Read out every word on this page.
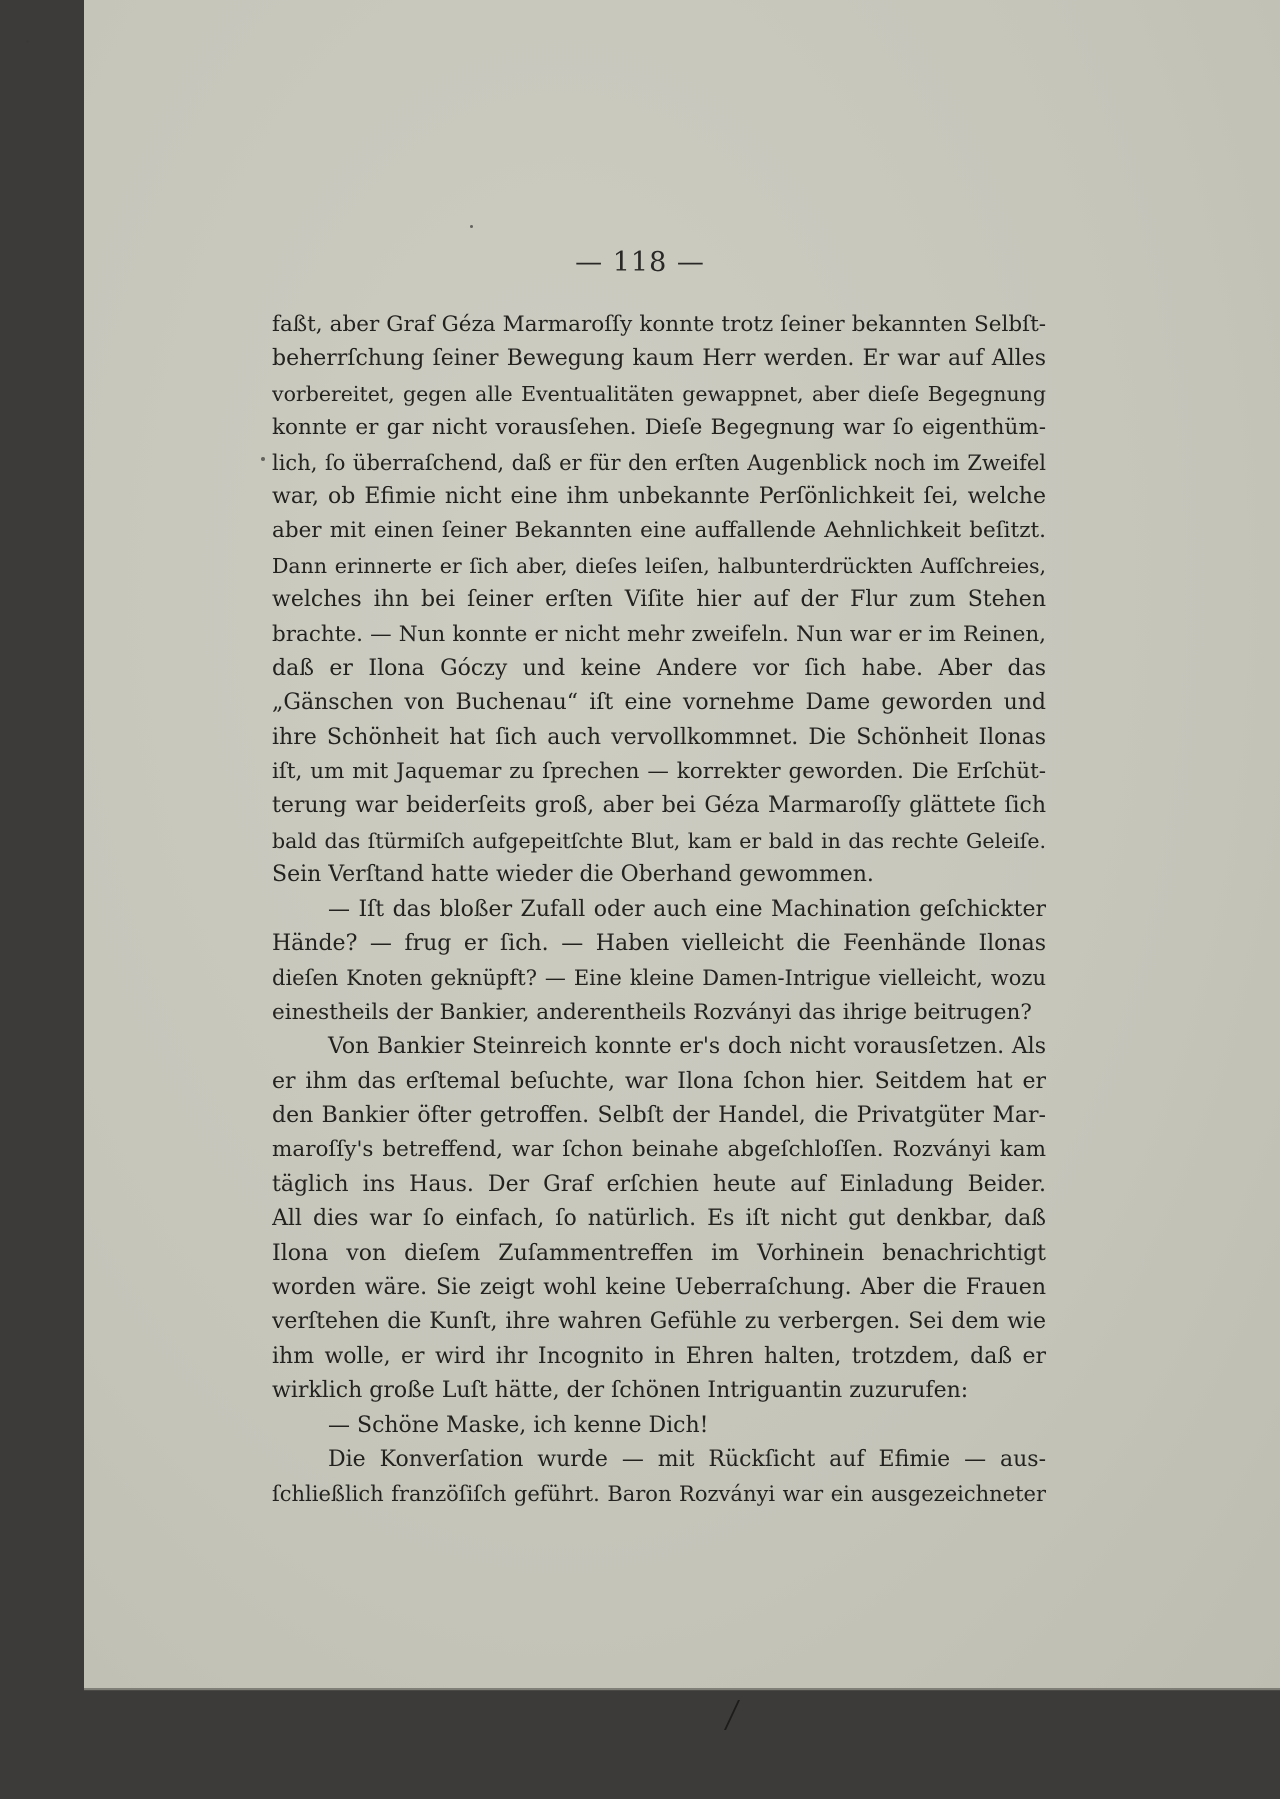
— 118 —
faßt, aber Graf Géza Marmaroſſy konnte trotz ſeiner bekannten Selbſt-
beherrſchung ſeiner Bewegung kaum Herr werden. Er war auf Alles
vorbereitet, gegen alle Eventualitäten gewappnet, aber dieſe Begegnung
konnte er gar nicht vorausſehen. Dieſe Begegnung war ſo eigenthüm-
lich, ſo überraſchend, daß er für den erſten Augenblick noch im Zweifel
war, ob Efimie nicht eine ihm unbekannte Perſönlichkeit ſei, welche
aber mit einen ſeiner Bekannten eine auffallende Aehnlichkeit beſitzt.
Dann erinnerte er ſich aber, dieſes leiſen, halbunterdrückten Aufſchreies,
welches ihn bei ſeiner erſten Viſite hier auf der Flur zum Stehen
brachte. — Nun konnte er nicht mehr zweifeln. Nun war er im Reinen,
daß er Ilona Góczy und keine Andere vor ſich habe. Aber das
„Gänschen von Buchenau“ iſt eine vornehme Dame geworden und
ihre Schönheit hat ſich auch vervollkommnet. Die Schönheit Ilonas
iſt, um mit Jaquemar zu ſprechen — korrekter geworden. Die Erſchüt-
terung war beiderſeits groß, aber bei Géza Marmaroſſy glättete ſich
bald das ſtürmiſch aufgepeitſchte Blut, kam er bald in das rechte Geleiſe.
Sein Verſtand hatte wieder die Oberhand gewommen.
— Iſt das bloßer Zufall oder auch eine Machination geſchickter
Hände? — frug er ſich. — Haben vielleicht die Feenhände Ilonas
dieſen Knoten geknüpft? — Eine kleine Damen-Intrigue vielleicht, wozu
einestheils der Bankier, anderentheils Rozványi das ihrige beitrugen?
Von Bankier Steinreich konnte er's doch nicht vorausſetzen. Als
er ihm das erſtemal beſuchte, war Ilona ſchon hier. Seitdem hat er
den Bankier öfter getroffen. Selbſt der Handel, die Privatgüter Mar-
maroſſy's betreffend, war ſchon beinahe abgeſchloſſen. Rozványi kam
täglich ins Haus. Der Graf erſchien heute auf Einladung Beider.
All dies war ſo einfach, ſo natürlich. Es iſt nicht gut denkbar, daß
Ilona von dieſem Zuſammentreffen im Vorhinein benachrichtigt
worden wäre. Sie zeigt wohl keine Ueberraſchung. Aber die Frauen
verſtehen die Kunſt, ihre wahren Gefühle zu verbergen. Sei dem wie
ihm wolle, er wird ihr Incognito in Ehren halten, trotzdem, daß er
wirklich große Luſt hätte, der ſchönen Intriguantin zuzurufen:
— Schöne Maske, ich kenne Dich!
Die Konverſation wurde — mit Rückſicht auf Efimie — aus-
ſchließlich franzöſiſch geführt. Baron Rozványi war ein ausgezeichneter
